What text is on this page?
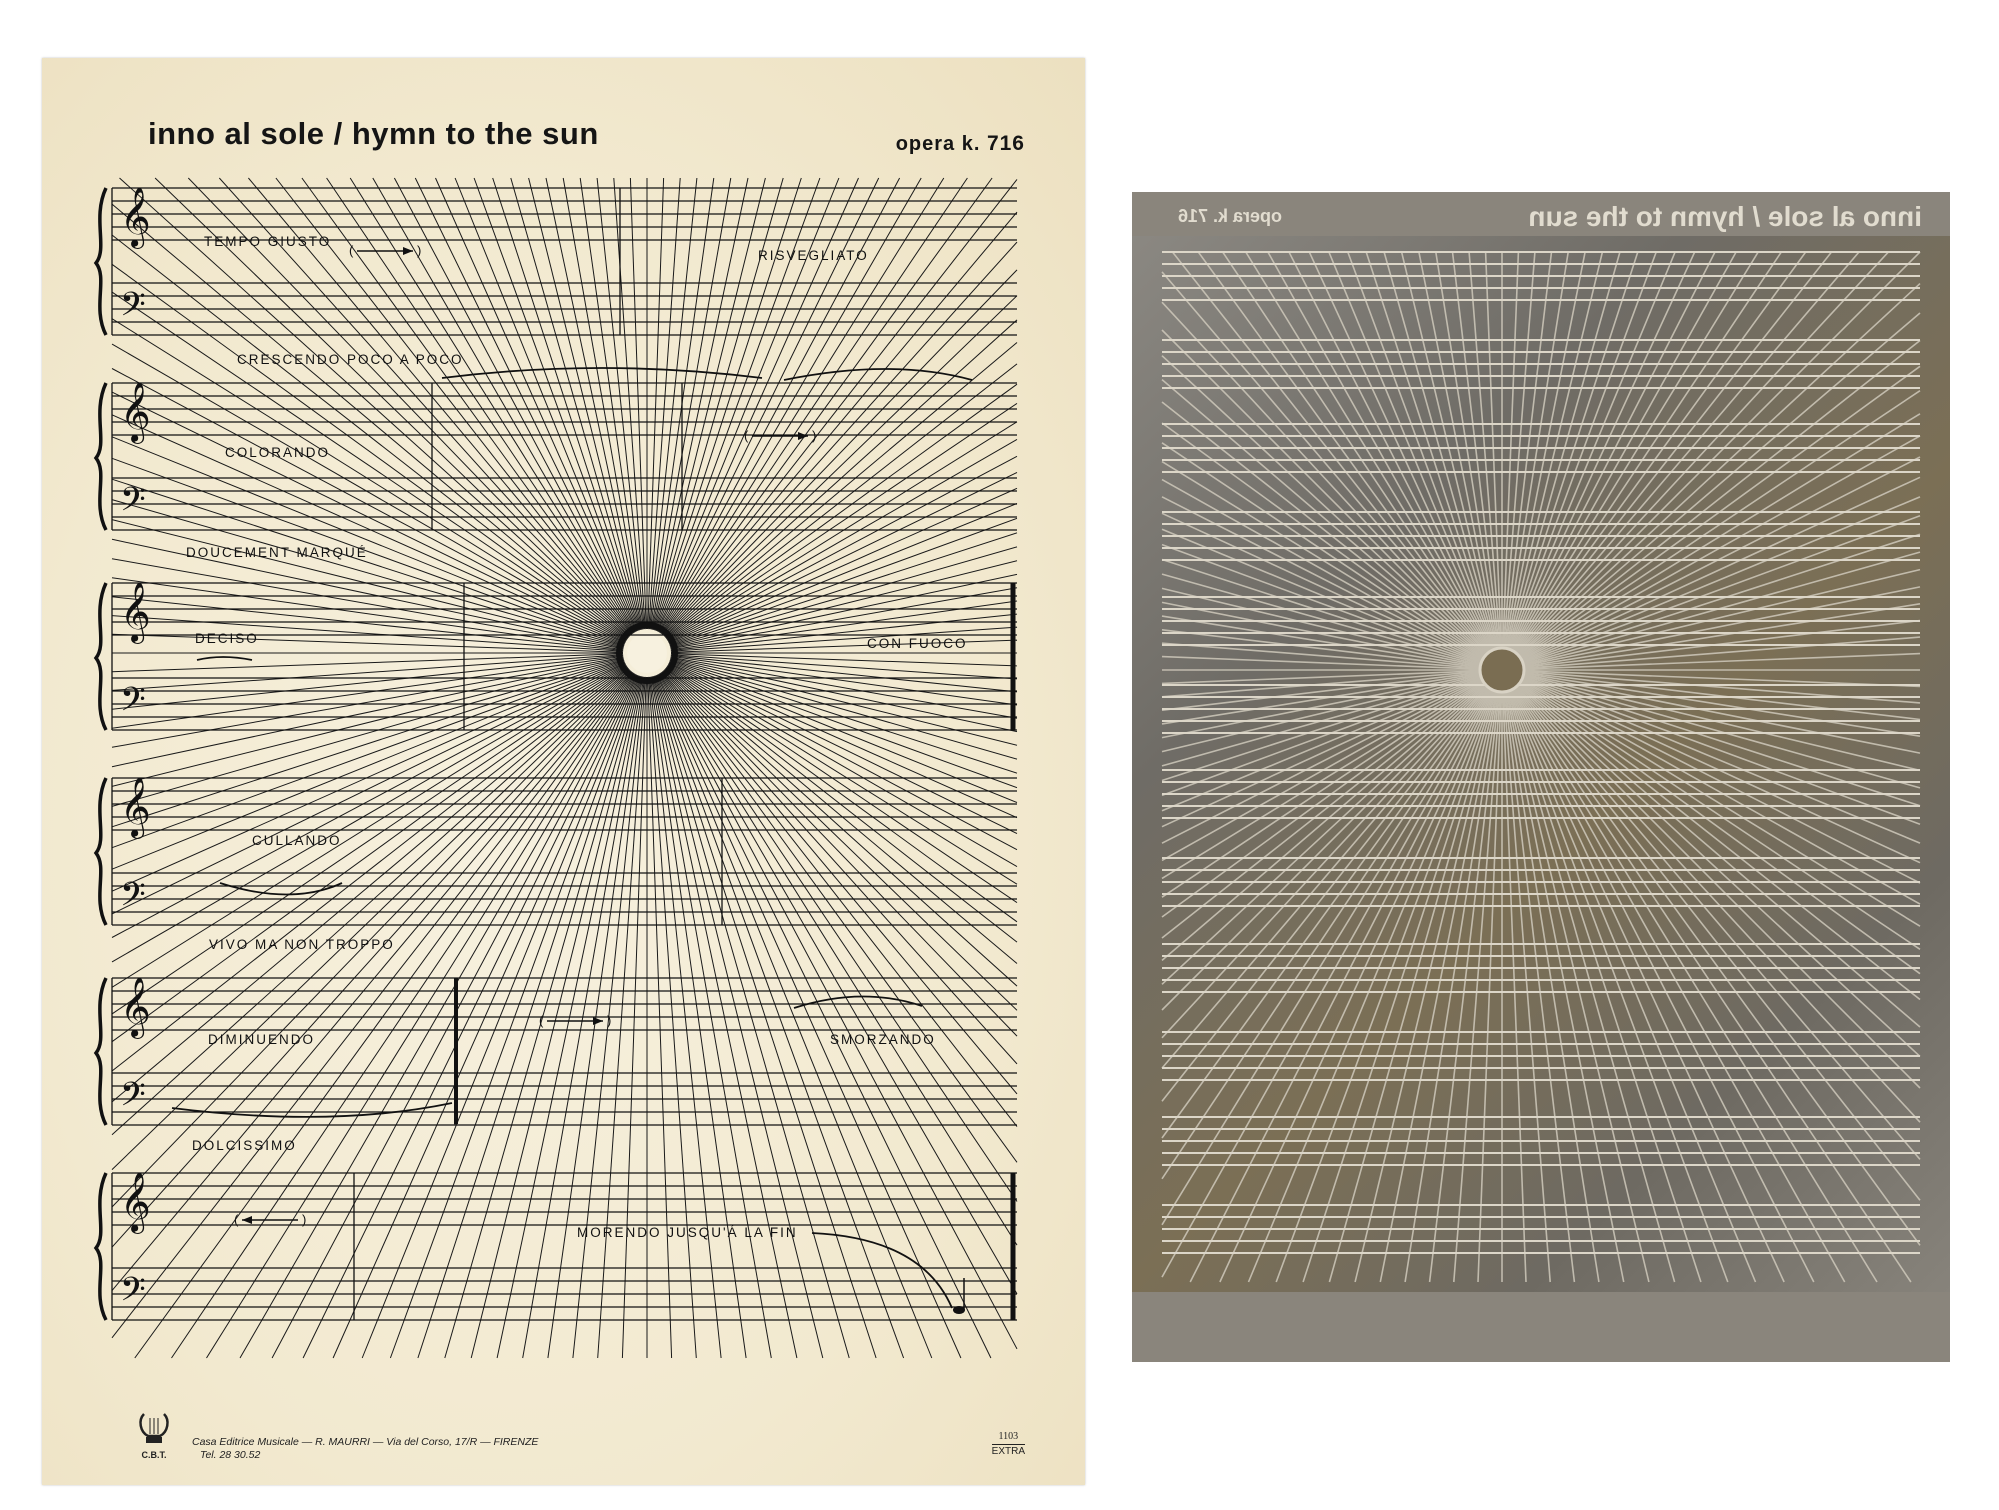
𝄞
𝄢
𝄞
𝄢
𝄞
𝄢
𝄞
𝄢
𝄞
𝄢
𝄞
𝄢
(	)
(	)
(	)
(	)
inno al sole / hymn to the sun	opera k. 716
TEMPO GIUSTO
RISVEGLIATO
CRESCENDO POCO A POCO
COLORANDO
DOUCEMENT MARQUÉ
DECISO	CON FUOCO
CULLANDO
VIVO MA NON TROPPO
DIMINUENDO	SMORZANDO
DOLCISSIMO
MORENDO JUSQU'Á LA FIN
C.B.T.
Casa Editrice Musicale — R. MAURRI — Via del Corso, 17/R — FIRENZE
Tel. 28 30.52
1103
EXTRA
inno al sole / hymn to the sun
opera k. 716
